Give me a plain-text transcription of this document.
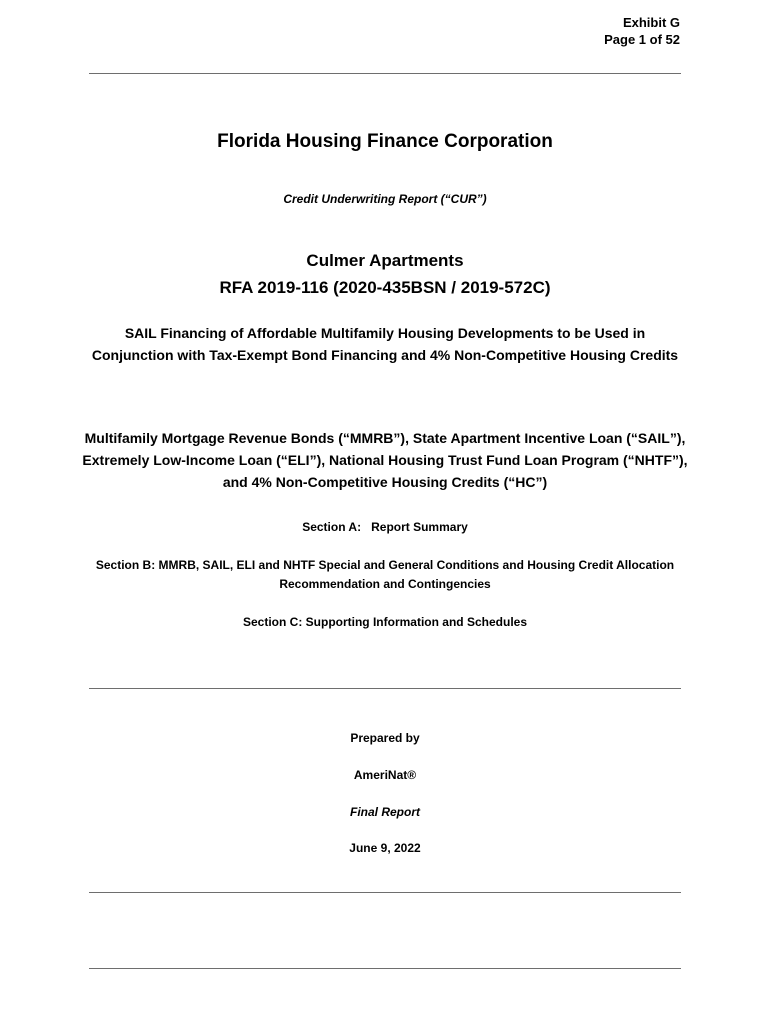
Exhibit G
Page 1 of 52
Florida Housing Finance Corporation
Credit Underwriting Report (“CUR”)
Culmer Apartments
RFA 2019-116 (2020-435BSN / 2019-572C)
SAIL Financing of Affordable Multifamily Housing Developments to be Used in Conjunction with Tax-Exempt Bond Financing and 4% Non-Competitive Housing Credits
Multifamily Mortgage Revenue Bonds (“MMRB”), State Apartment Incentive Loan (“SAIL”), Extremely Low-Income Loan (“ELI”), National Housing Trust Fund Loan Program (“NHTF”), and 4% Non-Competitive Housing Credits (“HC”)
Section A:   Report Summary
Section B: MMRB, SAIL, ELI and NHTF Special and General Conditions and Housing Credit Allocation Recommendation and Contingencies
Section C: Supporting Information and Schedules
Prepared by
AmeriNat®
Final Report
June 9, 2022
